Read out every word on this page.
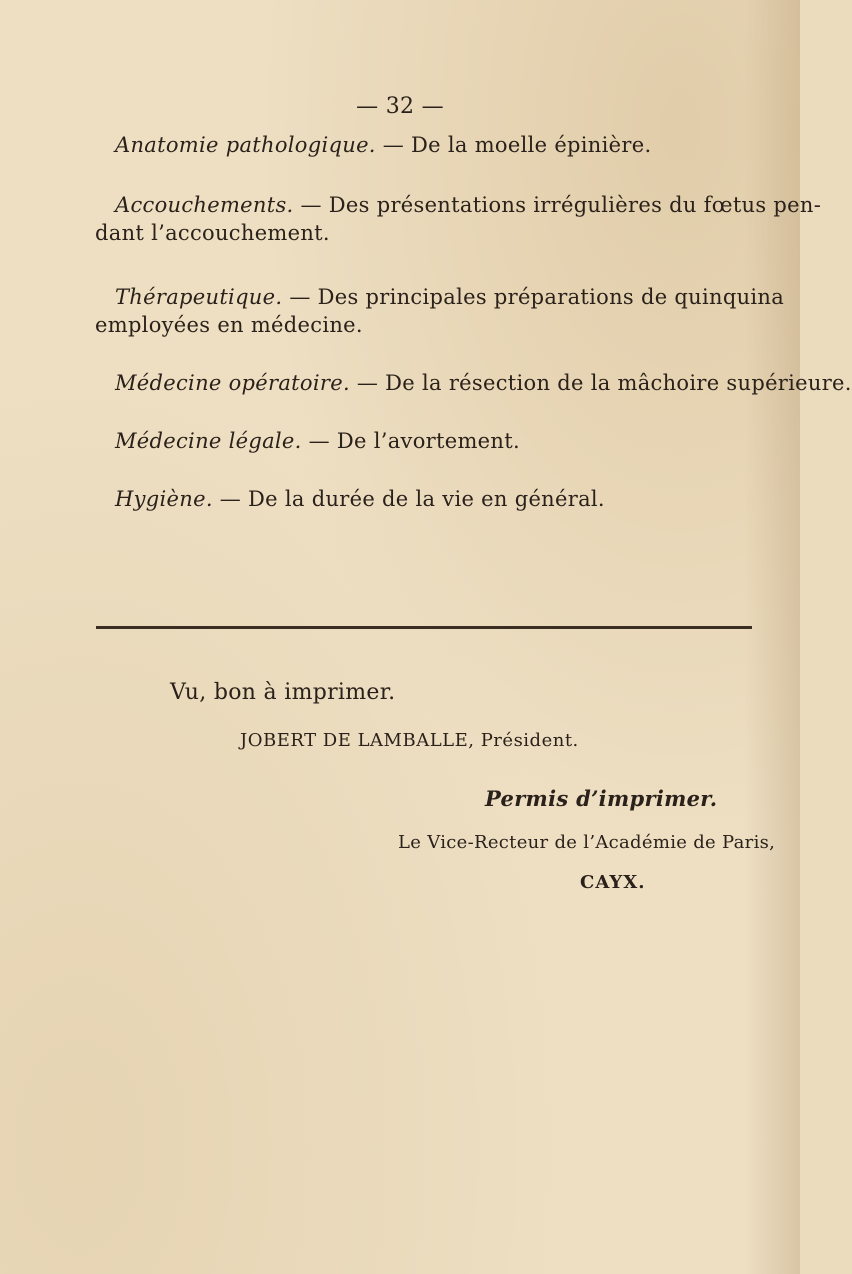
— 32 —
Anatomie pathologique. — De la moelle épinière.
Accouchements. — Des présentations irrégulières du fœtus pen-
dant l’accouchement.
Thérapeutique. — Des principales préparations de quinquina
employées en médecine.
Médecine opératoire. — De la résection de la mâchoire supérieure.
Médecine légale. — De l’avortement.
Hygiène. — De la durée de la vie en général.
Vu, bon à imprimer.
JOBERT DE LAMBALLE, Président.
Permis d’imprimer.
Le Vice-Recteur de l’Académie de Paris,
CAYX.
